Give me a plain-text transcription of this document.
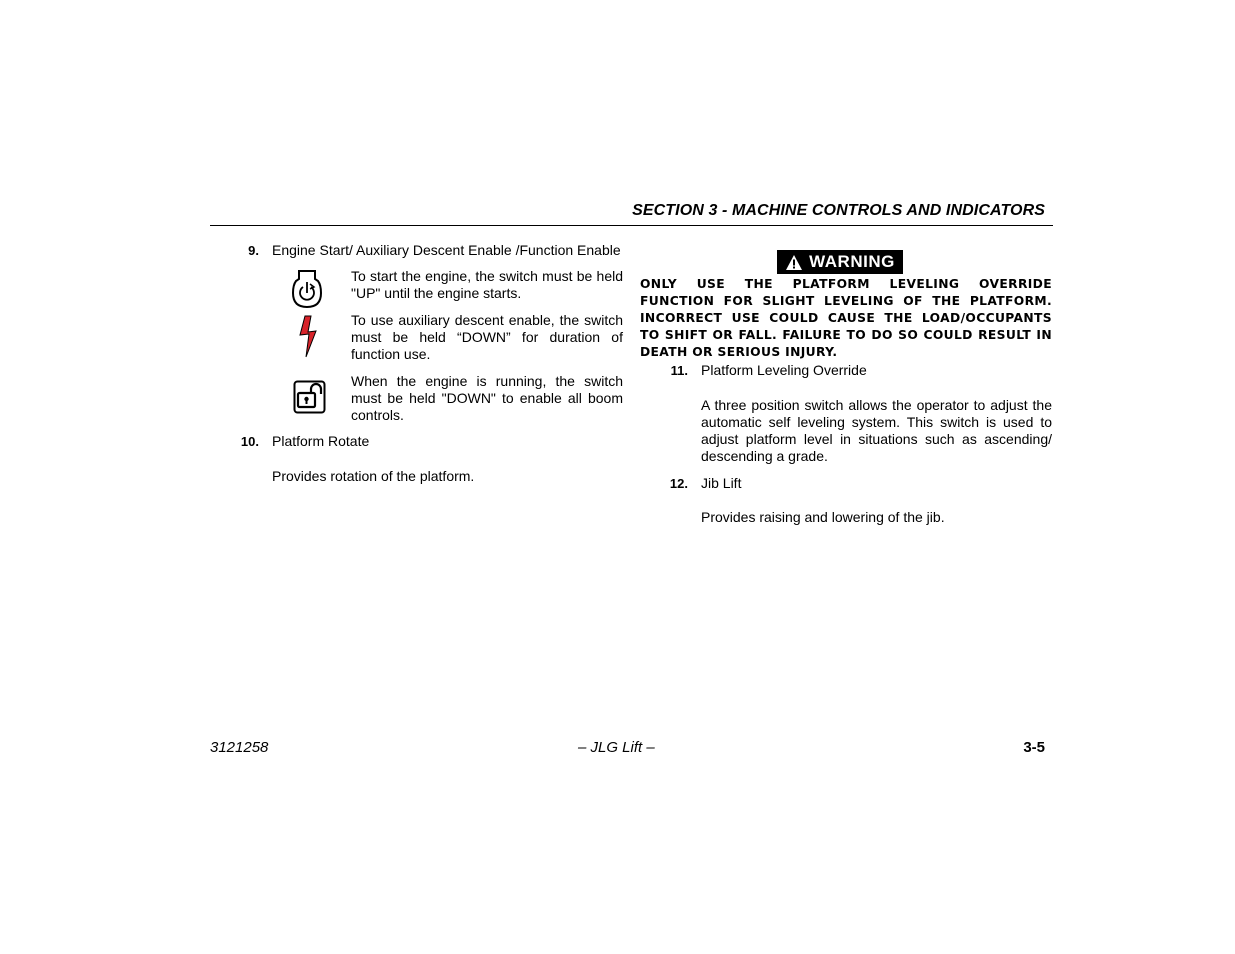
SECTION 3 - MACHINE CONTROLS AND INDICATORS
9. Engine Start/ Auxiliary Descent Enable /Function Enable
To start the engine, the switch must be held "UP" until the engine starts.
To use auxiliary descent enable, the switch must be held “DOWN” for duration of function use.
When the engine is running, the switch must be held "DOWN" to enable all boom controls.
10. Platform Rotate
Provides rotation of the platform.
WARNING
ONLY USE THE PLATFORM LEVELING OVERRIDE FUNCTION FOR SLIGHT LEVELING OF THE PLATFORM. INCORRECT USE COULD CAUSE THE LOAD/OCCUPANTS TO SHIFT OR FALL. FAILURE TO DO SO COULD RESULT IN DEATH OR SERIOUS INJURY.
11. Platform Leveling Override
A three position switch allows the operator to adjust the automatic self leveling system. This switch is used to adjust platform level in situations such as ascending/ descending a grade.
12. Jib Lift
Provides raising and lowering of the jib.
3121258	– JLG Lift –	3-5
